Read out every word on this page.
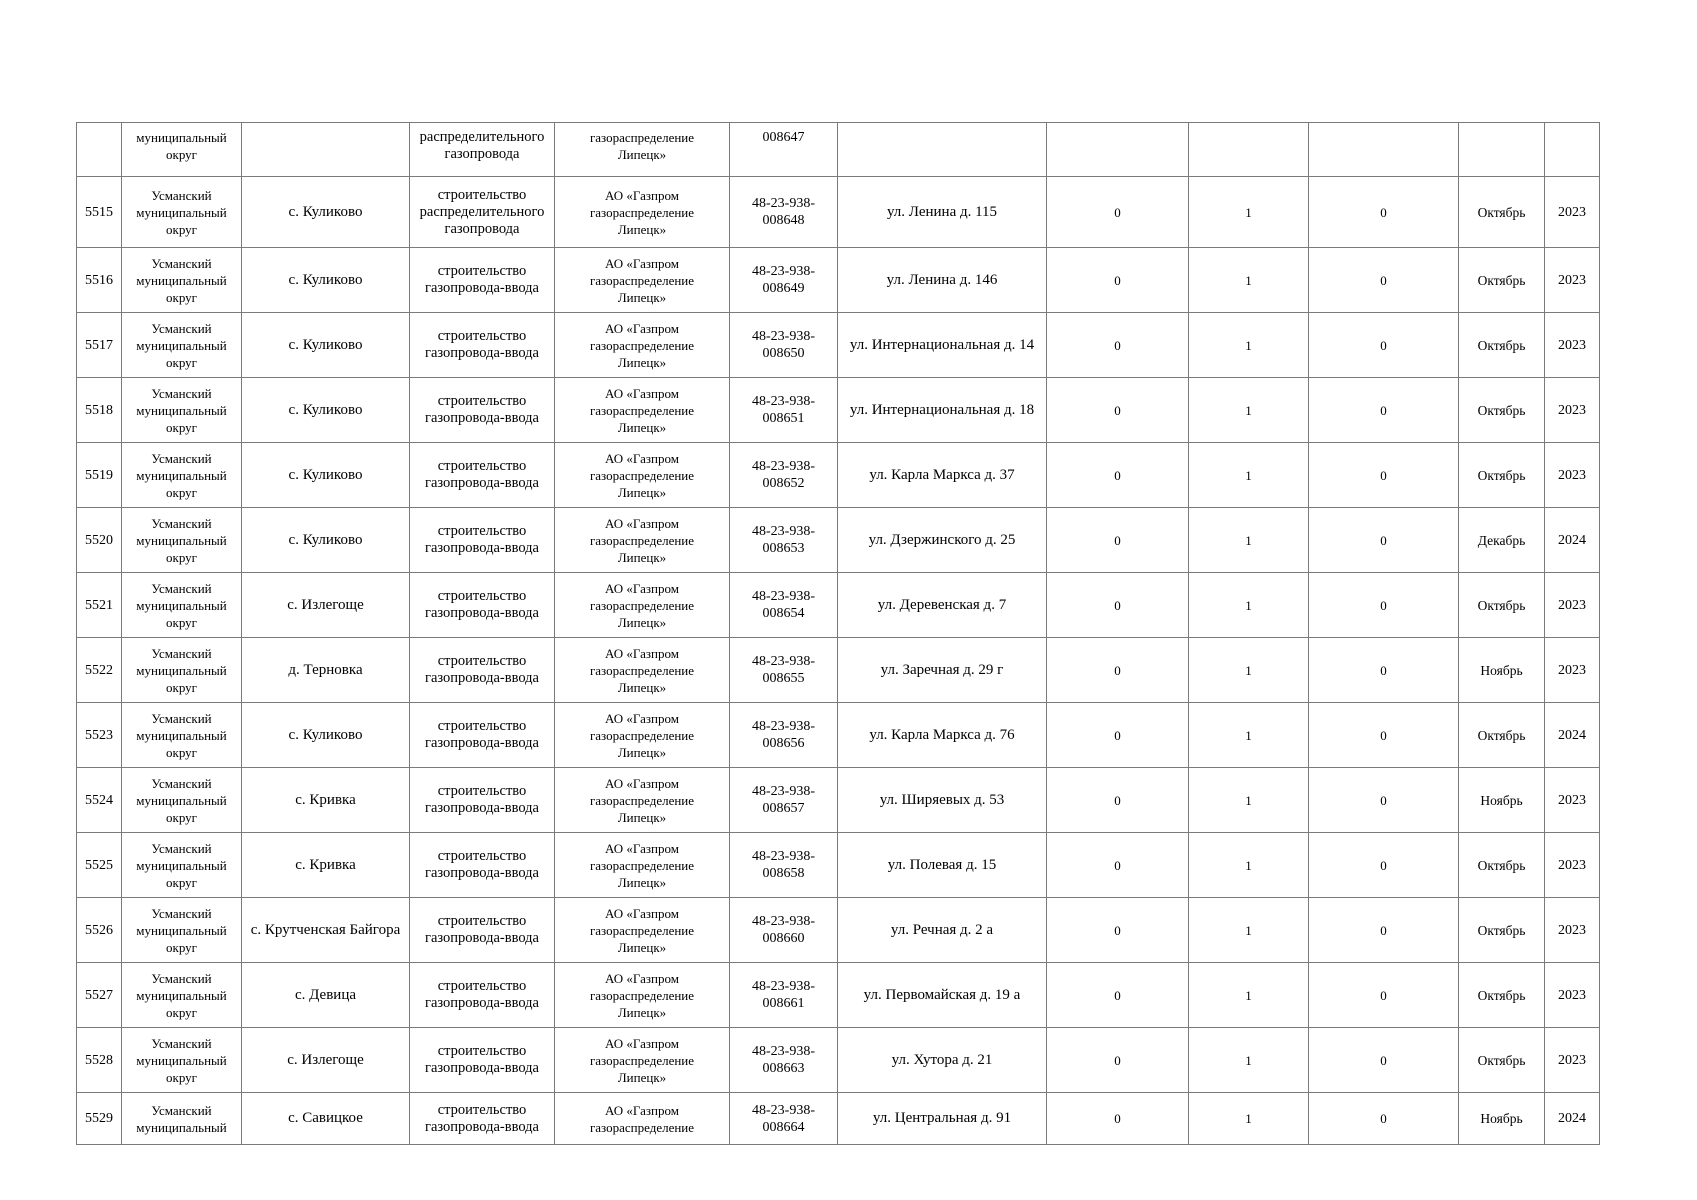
	муниципальный
округ		распределительного
газопровода	газораспределение
Липецк»	008647						

5515	Усманский
муниципальный
округ	с. Куликово	строительство
распределительного
газопровода	АО «Газпром
газораспределение
Липецк»	48-23-938-
008648	ул. Ленина д. 115	0	1	0	Октябрь	2023
5516	Усманский
муниципальный
округ	с. Куликово	строительство
газопровода-ввода	АО «Газпром
газораспределение
Липецк»	48-23-938-
008649	ул. Ленина д. 146	0	1	0	Октябрь	2023
5517	Усманский
муниципальный
округ	с. Куликово	строительство
газопровода-ввода	АО «Газпром
газораспределение
Липецк»	48-23-938-
008650	ул. Интернациональная д. 14	0	1	0	Октябрь	2023
5518	Усманский
муниципальный
округ	с. Куликово	строительство
газопровода-ввода	АО «Газпром
газораспределение
Липецк»	48-23-938-
008651	ул. Интернациональная д. 18	0	1	0	Октябрь	2023
5519	Усманский
муниципальный
округ	с. Куликово	строительство
газопровода-ввода	АО «Газпром
газораспределение
Липецк»	48-23-938-
008652	ул. Карла Маркса д. 37	0	1	0	Октябрь	2023
5520	Усманский
муниципальный
округ	с. Куликово	строительство
газопровода-ввода	АО «Газпром
газораспределение
Липецк»	48-23-938-
008653	ул. Дзержинского д. 25	0	1	0	Декабрь	2024
5521	Усманский
муниципальный
округ	с. Излегоще	строительство
газопровода-ввода	АО «Газпром
газораспределение
Липецк»	48-23-938-
008654	ул. Деревенская д. 7	0	1	0	Октябрь	2023
5522	Усманский
муниципальный
округ	д. Терновка	строительство
газопровода-ввода	АО «Газпром
газораспределение
Липецк»	48-23-938-
008655	ул. Заречная д. 29 г	0	1	0	Ноябрь	2023
5523	Усманский
муниципальный
округ	с. Куликово	строительство
газопровода-ввода	АО «Газпром
газораспределение
Липецк»	48-23-938-
008656	ул. Карла Маркса д. 76	0	1	0	Октябрь	2024
5524	Усманский
муниципальный
округ	с. Кривка	строительство
газопровода-ввода	АО «Газпром
газораспределение
Липецк»	48-23-938-
008657	ул. Ширяевых д. 53	0	1	0	Ноябрь	2023
5525	Усманский
муниципальный
округ	с. Кривка	строительство
газопровода-ввода	АО «Газпром
газораспределение
Липецк»	48-23-938-
008658	ул. Полевая д. 15	0	1	0	Октябрь	2023
5526	Усманский
муниципальный
округ	с. Крутченская Байгора	строительство
газопровода-ввода	АО «Газпром
газораспределение
Липецк»	48-23-938-
008660	ул. Речная д. 2 а	0	1	0	Октябрь	2023
5527	Усманский
муниципальный
округ	с. Девица	строительство
газопровода-ввода	АО «Газпром
газораспределение
Липецк»	48-23-938-
008661	ул. Первомайская д. 19 а	0	1	0	Октябрь	2023
5528	Усманский
муниципальный
округ	с. Излегоще	строительство
газопровода-ввода	АО «Газпром
газораспределение
Липецк»	48-23-938-
008663	ул. Хутора д. 21	0	1	0	Октябрь	2023
5529	Усманский
муниципальный	с. Савицкое	строительство
газопровода-ввода	АО «Газпром
газораспределение	48-23-938-
008664	ул. Центральная д. 91	0	1	0	Ноябрь	2024
